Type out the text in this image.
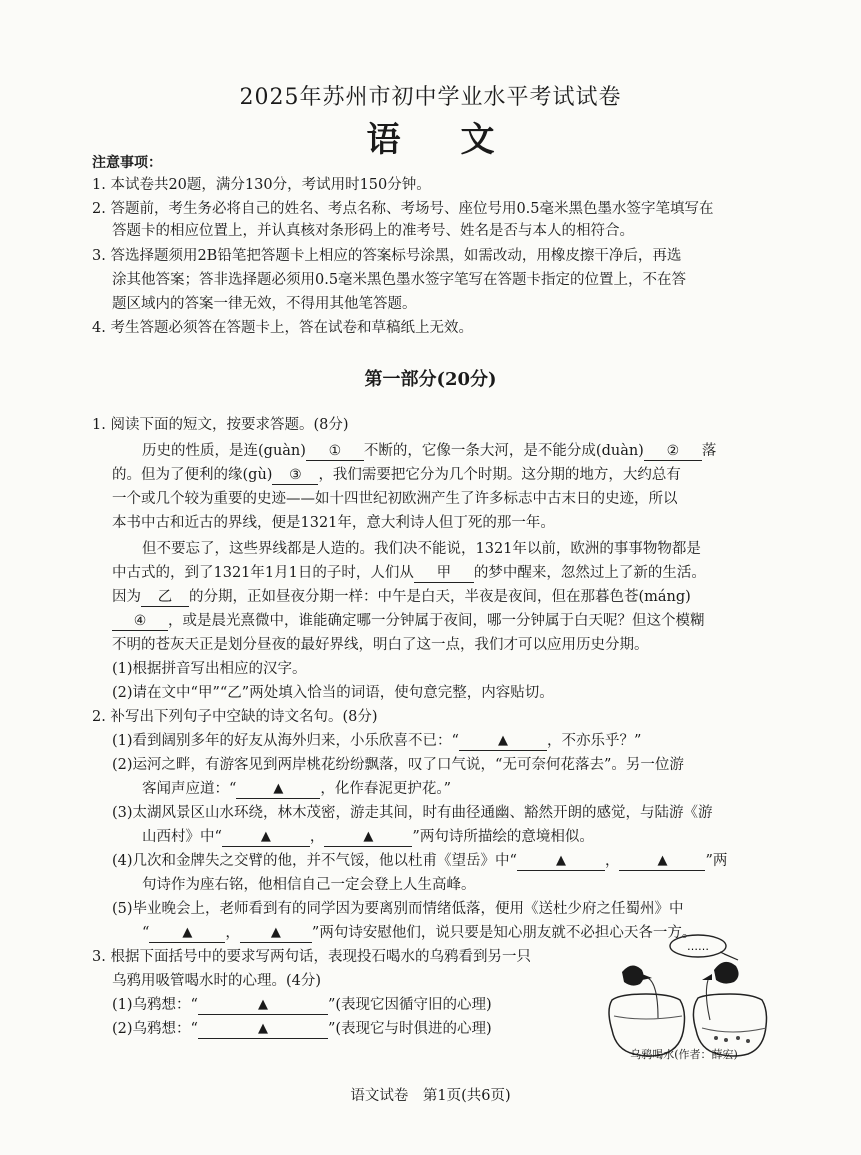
2025年苏州市初中学业水平考试试卷
语文
注意事项：
1. 本试卷共20题，满分130分，考试用时150分钟。
2. 答题前，考生务必将自己的姓名、考点名称、考场号、座位号用0.5毫米黑色墨水签字笔填写在
答题卡的相应位置上，并认真核对条形码上的准考号、姓名是否与本人的相符合。
3. 答选择题须用2B铅笔把答题卡上相应的答案标号涂黑，如需改动，用橡皮擦干净后，再选
涂其他答案；答非选择题必须用0.5毫米黑色墨水签字笔写在答题卡指定的位置上，不在答
题区域内的答案一律无效，不得用其他笔答题。
4. 考生答题必须答在答题卡上，答在试卷和草稿纸上无效。
第一部分(20分)
1. 阅读下面的短文，按要求答题。(8分)
历史的性质，是连(guàn) ① 不断的，它像一条大河，是不能分成(duàn) ② 落
的。但为了便利的缘(gù) ③ ，我们需要把它分为几个时期。这分期的地方，大约总有
一个或几个较为重要的史迹——如十四世纪初欧洲产生了许多标志中古末日的史迹，所以
本书中古和近古的界线，便是1321年，意大利诗人但丁死的那一年。
但不要忘了，这些界线都是人造的。我们决不能说，1321年以前，欧洲的事事物物都是
中古式的，到了1321年1月1日的子时，人们从 甲 的梦中醒来，忽然过上了新的生活。
因为 乙 的分期，正如昼夜分期一样：中午是白天，半夜是夜间，但在那暮色苍(máng)
④ ，或是晨光熹微中，谁能确定哪一分钟属于夜间，哪一分钟属于白天呢？但这个模糊
不明的苍灰天正是划分昼夜的最好界线，明白了这一点，我们才可以应用历史分期。
(1)根据拼音写出相应的汉字。
(2)请在文中“甲”“乙”两处填入恰当的词语，使句意完整，内容贴切。
2. 补写出下列句子中空缺的诗文名句。(8分)
(1)看到阔别多年的好友从海外归来，小乐欣喜不已：“	▲	，不亦乐乎？”
(2)运河之畔，有游客见到两岸桃花纷纷飘落，叹了口气说，“无可奈何花落去”。另一位游
客闻声应道：“	▲	，化作春泥更护花。”
(3)太湖风景区山水环绕，林木茂密，游走其间，时有曲径通幽、豁然开朗的感觉，与陆游《游
山西村》中“	▲	，	▲	”两句诗所描绘的意境相似。
(4)几次和金牌失之交臂的他，并不气馁，他以杜甫《望岳》中“	▲	，	▲	”两
句诗作为座右铭，他相信自己一定会登上人生高峰。
(5)毕业晚会上，老师看到有的同学因为要离别而情绪低落，便用《送杜少府之任蜀州》中
“	▲ ， ▲ ”两句诗安慰他们，说只要是知心朋友就不必担心天各一方。
3. 根据下面括号中的要求写两句话，表现投石喝水的乌鸦看到另一只
乌鸦用吸管喝水时的心理。(4分)
(1)乌鸦想：“	▲	”(表现它因循守旧的心理)
(2)乌鸦想：“	▲	”(表现它与时俱进的心理)
……
乌鸦喝水(作者：薛宏)
语文试卷　第1页(共6页)
